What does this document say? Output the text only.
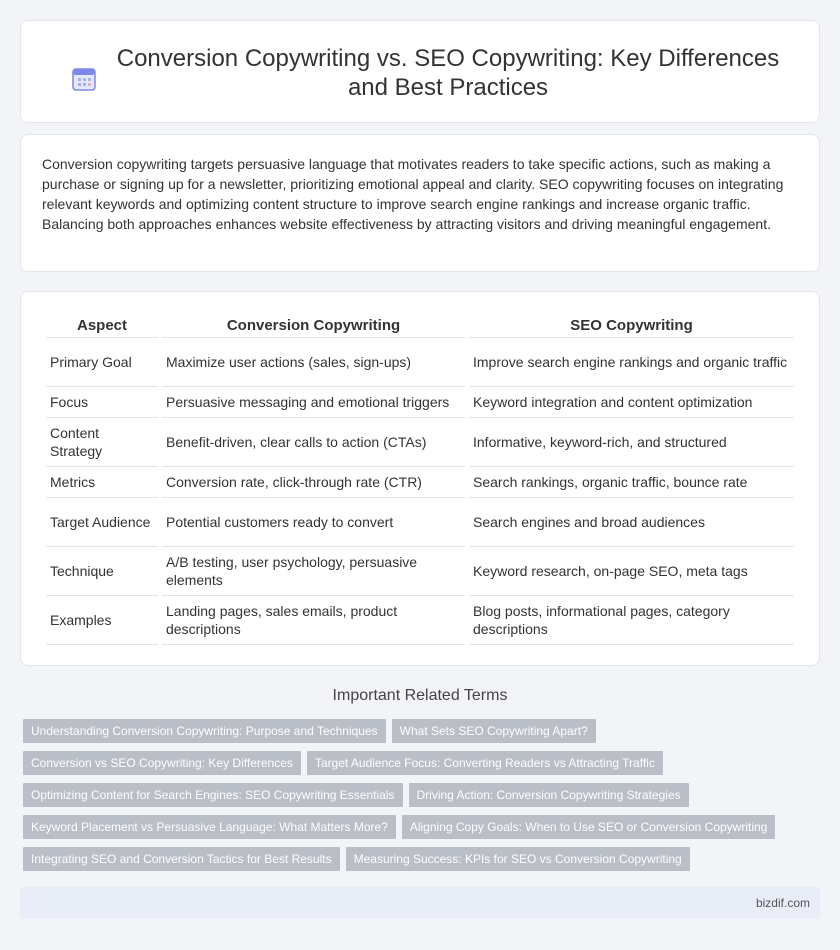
Conversion Copywriting vs. SEO Copywriting: Key Differences and Best Practices

Conversion copywriting targets persuasive language that motivates readers to take specific actions, such as making a purchase or signing up for a newsletter, prioritizing emotional appeal and clarity. SEO copywriting focuses on integrating relevant keywords and optimizing content structure to improve search engine rankings and increase organic traffic. Balancing both approaches enhances website effectiveness by attracting visitors and driving meaningful engagement.

Aspect	Conversion Copywriting	SEO Copywriting
Primary Goal	Maximize user actions (sales, sign-ups)	Improve search engine rankings and organic traffic
Focus	Persuasive messaging and emotional triggers	Keyword integration and content optimization
Content Strategy	Benefit-driven, clear calls to action (CTAs)	Informative, keyword-rich, and structured
Metrics	Conversion rate, click-through rate (CTR)	Search rankings, organic traffic, bounce rate
Target Audience	Potential customers ready to convert	Search engines and broad audiences
Technique	A/B testing, user psychology, persuasive elements	Keyword research, on-page SEO, meta tags
Examples	Landing pages, sales emails, product descriptions	Blog posts, informational pages, category descriptions
Important Related Terms
Understanding Conversion Copywriting: Purpose and Techniques What Sets SEO Copywriting Apart?
Conversion vs SEO Copywriting: Key Differences Target Audience Focus: Converting Readers vs Attracting Traffic
Optimizing Content for Search Engines: SEO Copywriting Essentials Driving Action: Conversion Copywriting Strategies
Keyword Placement vs Persuasive Language: What Matters More? Aligning Copy Goals: When to Use SEO or Conversion Copywriting
Integrating SEO and Conversion Tactics for Best Results Measuring Success: KPIs for SEO vs Conversion Copywriting
bizdif.com
